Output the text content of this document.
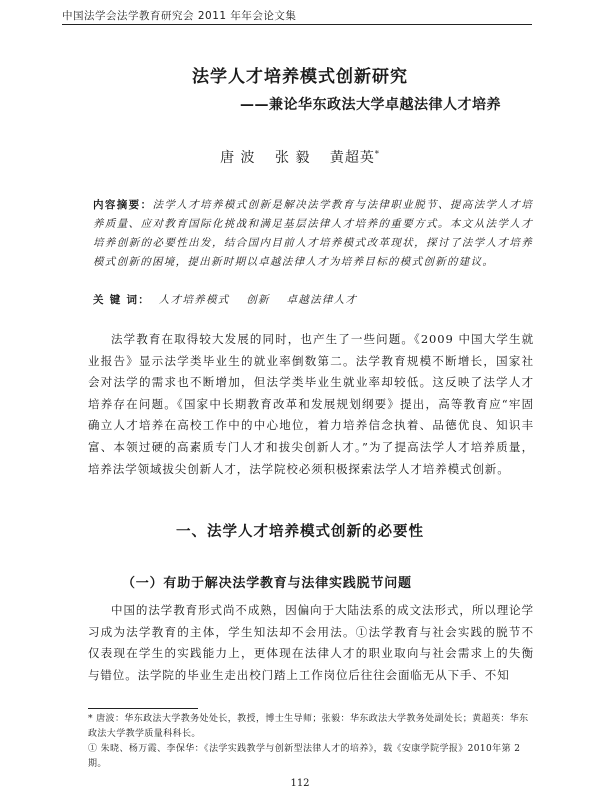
中国法学会法学教育研究会 2011 年年会论文集
法学人才培养模式创新研究
——兼论华东政法大学卓越法律人才培养
唐 波 张 毅 黄超英*
内容摘要：法学人才培养模式创新是解决法学教育与法律职业脱节、提高法学人才培养质量、应对教育国际化挑战和满足基层法律人才培养的重要方式。本文从法学人才培养创新的必要性出发，结合国内目前人才培养模式改革现状，探讨了法学人才培养模式创新的困境，提出新时期以卓越法律人才为培养目标的模式创新的建议。
关 键 词： 人才培养模式 创新 卓越法律人才

法学教育在取得较大发展的同时，也产生了一些问题。《2009 中国大学生就业报告》显示法学类毕业生的就业率倒数第二。法学教育规模不断增长，国家社会对法学的需求也不断增加，但法学类毕业生就业率却较低。这反映了法学人才培养存在问题。《国家中长期教育改革和发展规划纲要》提出，高等教育应“牢固确立人才培养在高校工作中的中心地位，着力培养信念执着、品德优良、知识丰富、本领过硬的高素质专门人才和拔尖创新人才。”为了提高法学人才培养质量，培养法学领域拔尖创新人才，法学院校必须积极探索法学人才培养模式创新。

一、法学人才培养模式创新的必要性
（一）有助于解决法学教育与法律实践脱节问题

中国的法学教育形式尚不成熟，因偏向于大陆法系的成文法形式，所以理论学习成为法学教育的主体，学生知法却不会用法。①法学教育与社会实践的脱节不仅表现在学生的实践能力上，更体现在法律人才的职业取向与社会需求上的失衡与错位。法学院的毕业生走出校门踏上工作岗位后往往会面临无从下手、不知

* 唐波：华东政法大学教务处处长，教授，博士生导师；张毅：华东政法大学教务处副处长；黄超英：华东政法大学教学质量科科长。

① 朱晓、杨万霞、李保华：《法学实践教学与创新型法律人才的培养》，载《安康学院学报》2010年第 2 期。

112
